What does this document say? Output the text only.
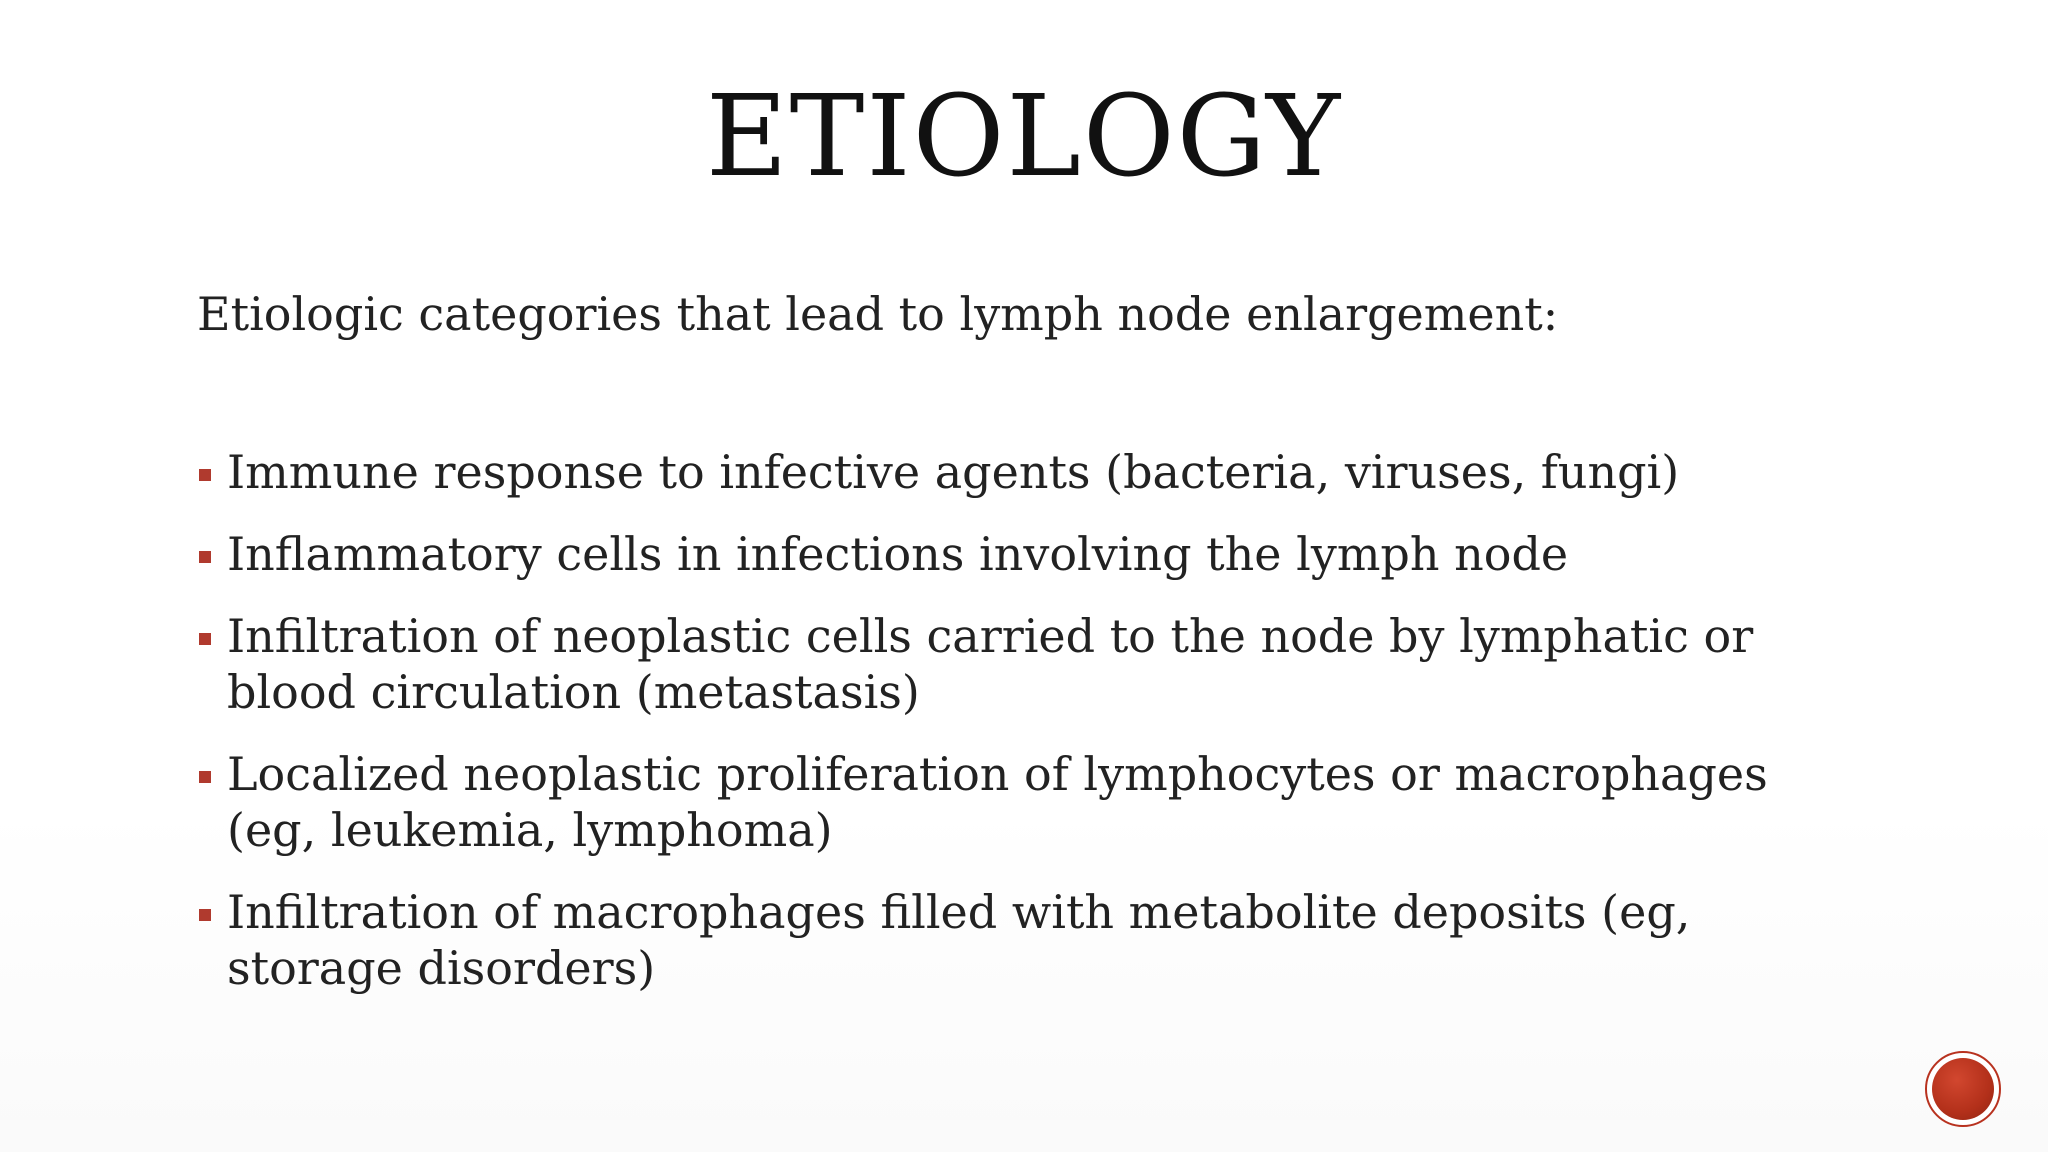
ETIOLOGY

Etiologic categories that lead to lymph node enlargement:

Immune response to infective agents (bacteria, viruses, fungi)
Inflammatory cells in infections involving the lymph node
Infiltration of neoplastic cells carried to the node by lymphatic or blood circulation (metastasis)
Localized neoplastic proliferation of lymphocytes or macrophages (eg, leukemia, lymphoma)
Infiltration of macrophages filled with metabolite deposits (eg, storage disorders)
